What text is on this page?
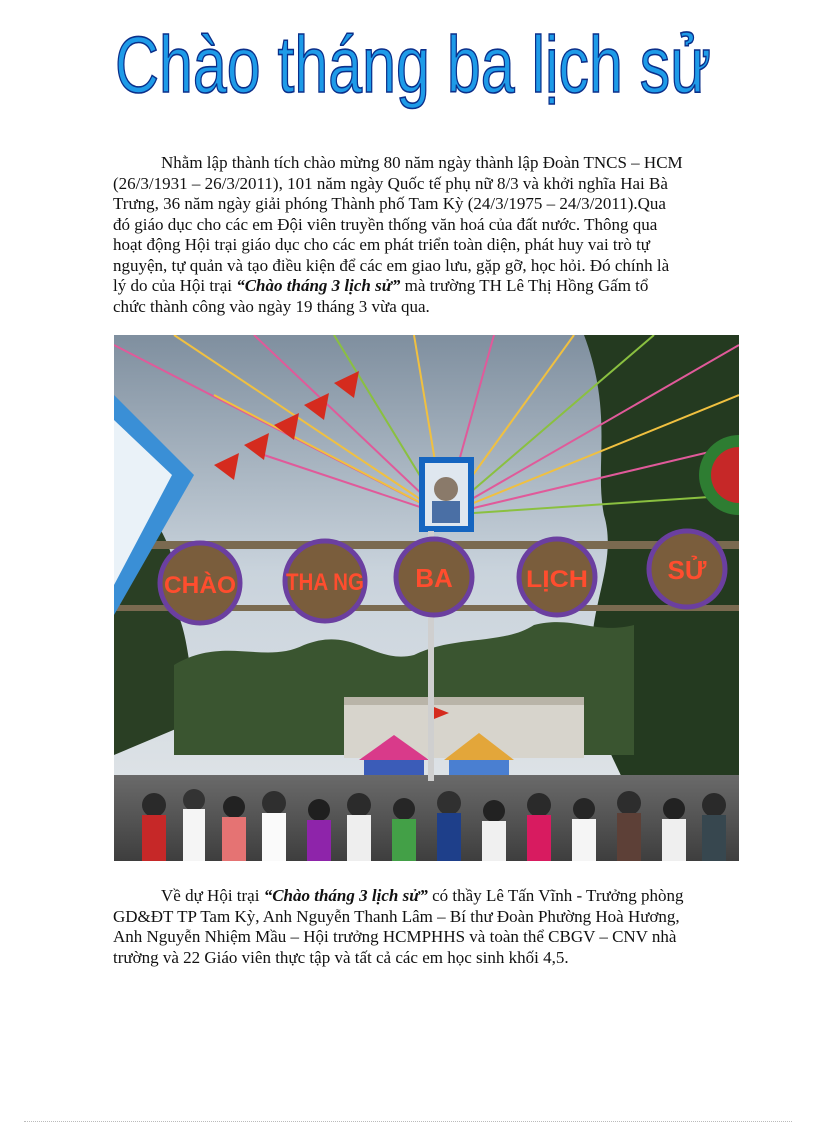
Chào tháng ba lịch sử
Nhằm lập thành tích chào mừng 80 năm ngày thành lập Đoàn TNCS – HCM
(26/3/1931 – 26/3/2011), 101 năm ngày Quốc tế phụ nữ 8/3 và khởi nghĩa Hai Bà
Trưng, 36 năm ngày giải phóng Thành phố Tam Kỳ (24/3/1975 – 24/3/2011).Qua
đó giáo dục cho các em Đội viên truyền thống văn hoá của đất nước. Thông qua
hoạt động Hội trại giáo dục cho các em phát triển toàn diện, phát huy vai trò tự
nguyện, tự quản và tạo điều kiện để các em giao lưu, gặp gỡ, học hỏi. Đó chính là
lý do của Hội trại “Chào tháng 3 lịch sử” mà trường TH Lê Thị Hồng Gấm tổ
chức thành công vào ngày 19 tháng 3 vừa qua.
CHÀO THA NG BA	LỊCH	SỬ
Về dự Hội trại “Chào tháng 3 lịch sử” có thầy Lê Tấn Vĩnh - Trưởng phòng
GD&ĐT TP Tam Kỳ, Anh Nguyễn Thanh Lâm – Bí thư Đoàn Phường Hoà Hương,
Anh Nguyễn Nhiệm Mầu – Hội trưởng HCMPHHS và toàn thể CBGV – CNV nhà
trường và 22 Giáo viên thực tập và tất cả các em học sinh khối 4,5.
